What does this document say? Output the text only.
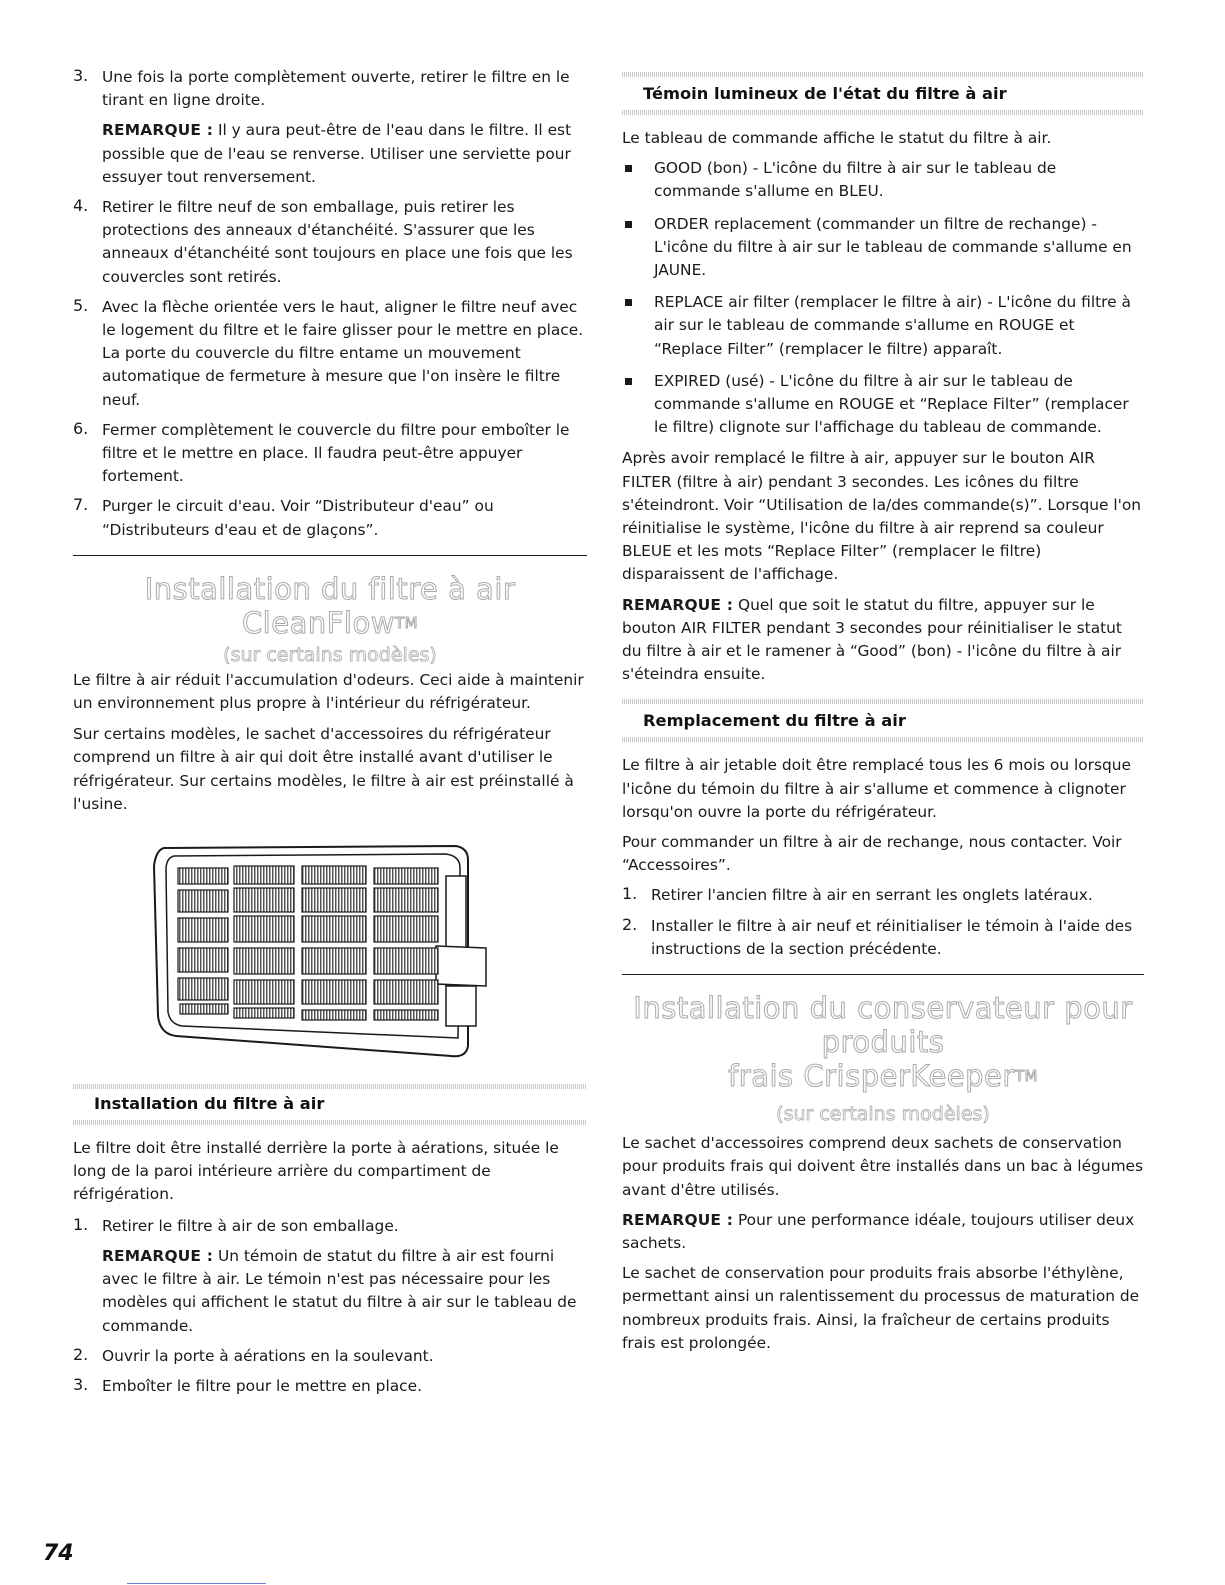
3. Une fois la porte complètement ouverte, retirer le filtre en le tirant en ligne droite.

REMARQUE : Il y aura peut-être de l'eau dans le filtre. Il est possible que de l'eau se renverse. Utiliser une serviette pour essuyer tout renversement.

4. Retirer le filtre neuf de son emballage, puis retirer les protections des anneaux d'étanchéité. S'assurer que les anneaux d'étanchéité sont toujours en place une fois que les couvercles sont retirés.

5. Avec la flèche orientée vers le haut, aligner le filtre neuf avec le logement du filtre et le faire glisser pour le mettre en place. La porte du couvercle du filtre entame un mouvement automatique de fermeture à mesure que l'on insère le filtre neuf.

6. Fermer complètement le couvercle du filtre pour emboîter le filtre et le mettre en place. Il faudra peut-être appuyer fortement.

7. Purger le circuit d'eau. Voir “Distributeur d'eau” ou “Distributeurs d'eau et de glaçons”.

Installation du filtre à air CleanFlow™

(sur certains modèles)

Le filtre à air réduit l'accumulation d'odeurs. Ceci aide à maintenir un environnement plus propre à l'intérieur du réfrigérateur.

Sur certains modèles, le sachet d'accessoires du réfrigérateur comprend un filtre à air qui doit être installé avant d'utiliser le réfrigérateur. Sur certains modèles, le filtre à air est préinstallé à l'usine.

Installation du filtre à air

Le filtre doit être installé derrière la porte à aérations, située le long de la paroi intérieure arrière du compartiment de réfrigération.

1. Retirer le filtre à air de son emballage.

REMARQUE : Un témoin de statut du filtre à air est fourni avec le filtre à air. Le témoin n'est pas nécessaire pour les modèles qui affichent le statut du filtre à air sur le tableau de commande.

2. Ouvrir la porte à aérations en la soulevant.

3. Emboîter le filtre pour le mettre en place.

Témoin lumineux de l'état du filtre à air

Le tableau de commande affiche le statut du filtre à air.

GOOD (bon) - L'icône du filtre à air sur le tableau de commande s'allume en BLEU.

ORDER replacement (commander un filtre de rechange) - L'icône du filtre à air sur le tableau de commande s'allume en JAUNE.

REPLACE air filter (remplacer le filtre à air) - L'icône du filtre à air sur le tableau de commande s'allume en ROUGE et “Replace Filter” (remplacer le filtre) apparaît.

EXPIRED (usé) - L'icône du filtre à air sur le tableau de commande s'allume en ROUGE et “Replace Filter” (remplacer le filtre) clignote sur l'affichage du tableau de commande.

Après avoir remplacé le filtre à air, appuyer sur le bouton AIR FILTER (filtre à air) pendant 3 secondes. Les icônes du filtre s'éteindront. Voir “Utilisation de la/des commande(s)”. Lorsque l'on réinitialise le système, l'icône du filtre à air reprend sa couleur BLEUE et les mots “Replace Filter” (remplacer le filtre) disparaissent de l'affichage.

REMARQUE : Quel que soit le statut du filtre, appuyer sur le bouton AIR FILTER pendant 3 secondes pour réinitialiser le statut du filtre à air et le ramener à “Good” (bon) - l'icône du filtre à air s'éteindra ensuite.

Remplacement du filtre à air

Le filtre à air jetable doit être remplacé tous les 6 mois ou lorsque l'icône du témoin du filtre à air s'allume et commence à clignoter lorsqu'on ouvre la porte du réfrigérateur.

Pour commander un filtre à air de rechange, nous contacter. Voir “Accessoires”.

1. Retirer l'ancien filtre à air en serrant les onglets latéraux.

2. Installer le filtre à air neuf et réinitialiser le témoin à l'aide des instructions de la section précédente.

Installation du conservateur pour produits
frais CrisperKeeper™

(sur certains modèles)

Le sachet d'accessoires comprend deux sachets de conservation pour produits frais qui doivent être installés dans un bac à légumes avant d'être utilisés.

REMARQUE : Pour une performance idéale, toujours utiliser deux sachets.

Le sachet de conservation pour produits frais absorbe l'éthylène, permettant ainsi un ralentissement du processus de maturation de nombreux produits frais. Ainsi, la fraîcheur de certains produits frais est prolongée.

74
